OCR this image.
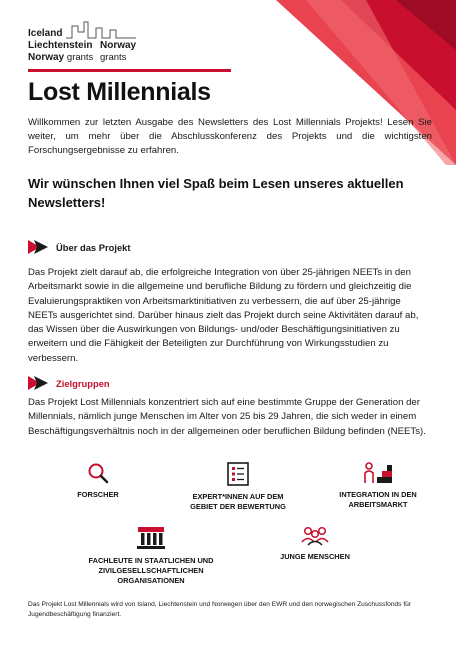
Iceland
Liechtenstein
Norway grants
Norway
grants
Lost Millennials

Willkommen zur letzten Ausgabe des Newsletters des Lost Millennials Projekts! Lesen Sie weiter, um mehr über die Abschlusskonferenz des Projekts und die wichtigsten Forschungsergebnisse zu erfahren.

Wir wünschen Ihnen viel Spaß beim Lesen unseres aktuellen Newsletters!

Über das Projekt

Das Projekt zielt darauf ab, die erfolgreiche Integration von über 25-jährigen NEETs in den Arbeitsmarkt sowie in die allgemeine und berufliche Bildung zu fördern und gleichzeitig die Evaluierungspraktiken von Arbeitsmarktinitiativen zu verbessern, die auf über 25-jährige NEETs ausgerichtet sind. Darüber hinaus zielt das Projekt durch seine Aktivitäten darauf ab, das Wissen über die Auswirkungen von Bildungs- und/oder Beschäftigungsinitiativen zu erweitern und die Fähigkeit der Beteiligten zur Durchführung von Wirkungsstudien zu verbessern.

Zielgruppen

Das Projekt Lost Millennials konzentriert sich auf eine bestimmte Gruppe der Generation der Millennials, nämlich junge Menschen im Alter von 25 bis 29 Jahren, die sich weder in einem Beschäftigungsverhältnis noch in der allgemeinen oder beruflichen Bildung befinden (NEETs).

FORSCHER	EXPERT*INNEN AUF DEM GEBIET DER BEWERTUNG
INTEGRATION IN DEN ARBEITSMARKT
FACHLEUTE IN STAATLICHEN UND ZIVILGESELLSCHAFTLICHEN ORGANISATIONEN
JUNGE MENSCHEN

Das Projekt Lost Millennials wird von Island, Liechtenstein und Norwegen über den EWR und den norwegischen Zuschussfonds für Jugendbeschäftigung finanziert.
